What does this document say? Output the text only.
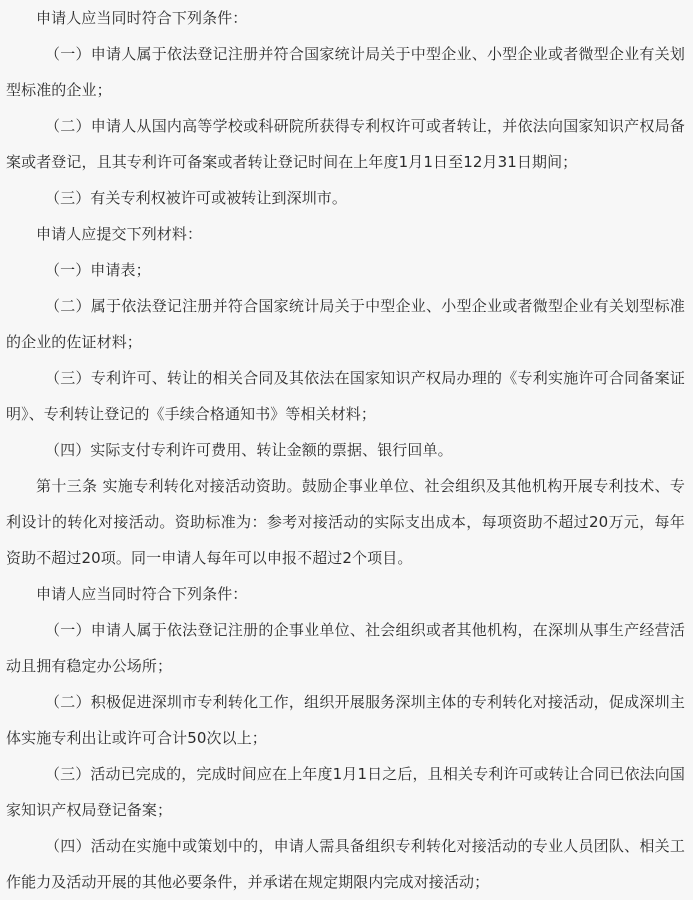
申请人应当同时符合下列条件：

（一）申请人属于依法登记注册并符合国家统计局关于中型企业、小型企业或者微型企业有关划型标准的企业；

（二）申请人从国内高等学校或科研院所获得专利权许可或者转让，并依法向国家知识产权局备案或者登记，且其专利许可备案或者转让登记时间在上年度1月1日至12月31日期间；

（三）有关专利权被许可或被转让到深圳市。

申请人应提交下列材料：

（一）申请表；

（二）属于依法登记注册并符合国家统计局关于中型企业、小型企业或者微型企业有关划型标准的企业的佐证材料；

（三）专利许可、转让的相关合同及其依法在国家知识产权局办理的《专利实施许可合同备案证明》、专利转让登记的《手续合格通知书》等相关材料；

（四）实际支付专利许可费用、转让金额的票据、银行回单。

第十三条 实施专利转化对接活动资助。鼓励企事业单位、社会组织及其他机构开展专利技术、专利设计的转化对接活动。资助标准为：参考对接活动的实际支出成本，每项资助不超过20万元，每年资助不超过20项。同一申请人每年可以申报不超过2个项目。

申请人应当同时符合下列条件：

（一）申请人属于依法登记注册的企事业单位、社会组织或者其他机构，在深圳从事生产经营活动且拥有稳定办公场所；

（二）积极促进深圳市专利转化工作，组织开展服务深圳主体的专利转化对接活动，促成深圳主体实施专利出让或许可合计50次以上；

（三）活动已完成的，完成时间应在上年度1月1日之后，且相关专利许可或转让合同已依法向国家知识产权局登记备案；

（四）活动在实施中或策划中的，申请人需具备组织专利转化对接活动的专业人员团队、相关工作能力及活动开展的其他必要条件，并承诺在规定期限内完成对接活动；
